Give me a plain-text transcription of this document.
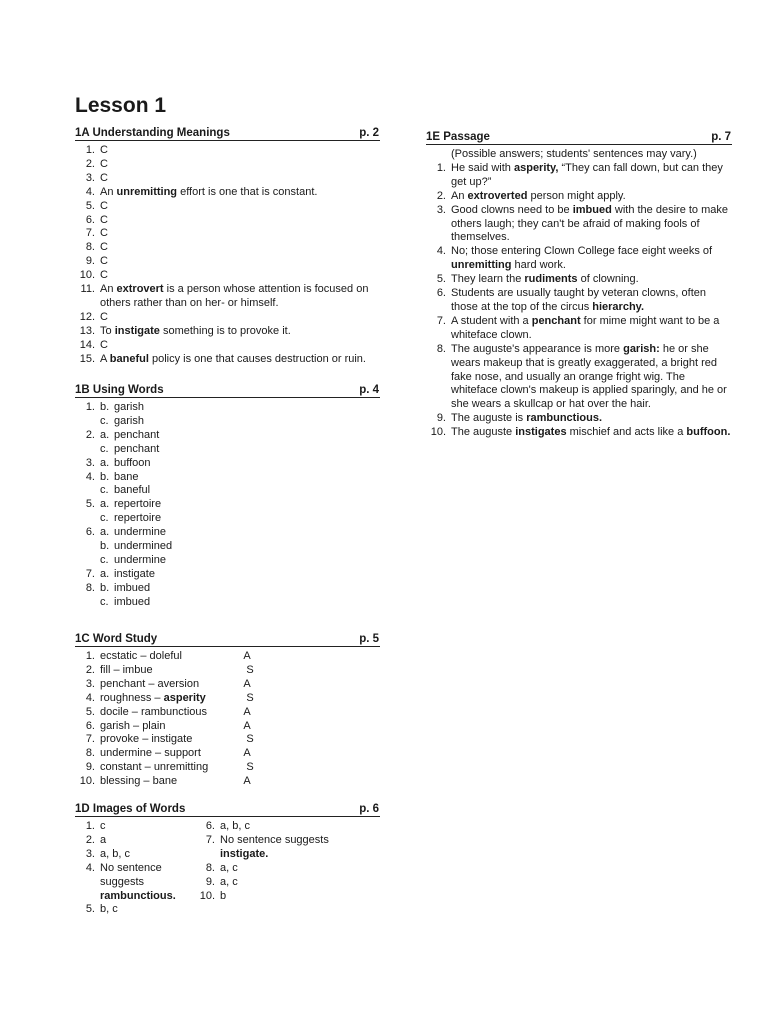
Lesson 1
1A Understanding Meanings	p. 2
1. C
2. C
3. C
4. An unremitting effort is one that is constant.
5. C
6. C
7. C
8. C
9. C
10. C
11. An extrovert is a person whose attention is focused on others rather than on her- or himself.
12. C
13. To instigate something is to provoke it.
14. C
15. A baneful policy is one that causes destruction or ruin.
1B Using Words	p. 4
1. b. garish
c. garish
2. a. penchant
c. penchant
3. a. buffoon
4. b. bane
c. baneful
5. a. repertoire
c. repertoire
6. a. undermine
b. undermined
c. undermine
7. a. instigate
8. b. imbued
c. imbued
1C Word Study	p. 5
1. ecstatic – doleful	A
2. fill – imbue	S
3. penchant – aversion	A
4. roughness – asperity	S
5. docile – rambunctious	A
6. garish – plain	A
7. provoke – instigate	S
8. undermine – support	A
9. constant – unremitting	S
10. blessing – bane	A
1D Images of Words	p. 6
1. c
2. a
3. a, b, c
4. No sentence
suggests
rambunctious.
5. b, c
6. a, b, c
7. No sentence suggests
instigate.
8. a, c
9. a, c
10. b
1E Passage	p. 7
(Possible answers; students' sentences may vary.)
1. He said with asperity, “They can fall down, but can they get up?”
2. An extroverted person might apply.
3. Good clowns need to be imbued with the desire to make others laugh; they can't be afraid of making fools of themselves.
4. No; those entering Clown College face eight weeks of unremitting hard work.
5. They learn the rudiments of clowning.
6. Students are usually taught by veteran clowns, often those at the top of the circus hierarchy.
7. A student with a penchant for mime might want to be a whiteface clown.
8. The auguste's appearance is more garish: he or she wears makeup that is greatly exaggerated, a bright red fake nose, and usually an orange fright wig. The whiteface clown's makeup is applied sparingly, and he or she wears a skullcap or hat over the hair.
9. The auguste is rambunctious.
10. The auguste instigates mischief and acts like a buffoon.
